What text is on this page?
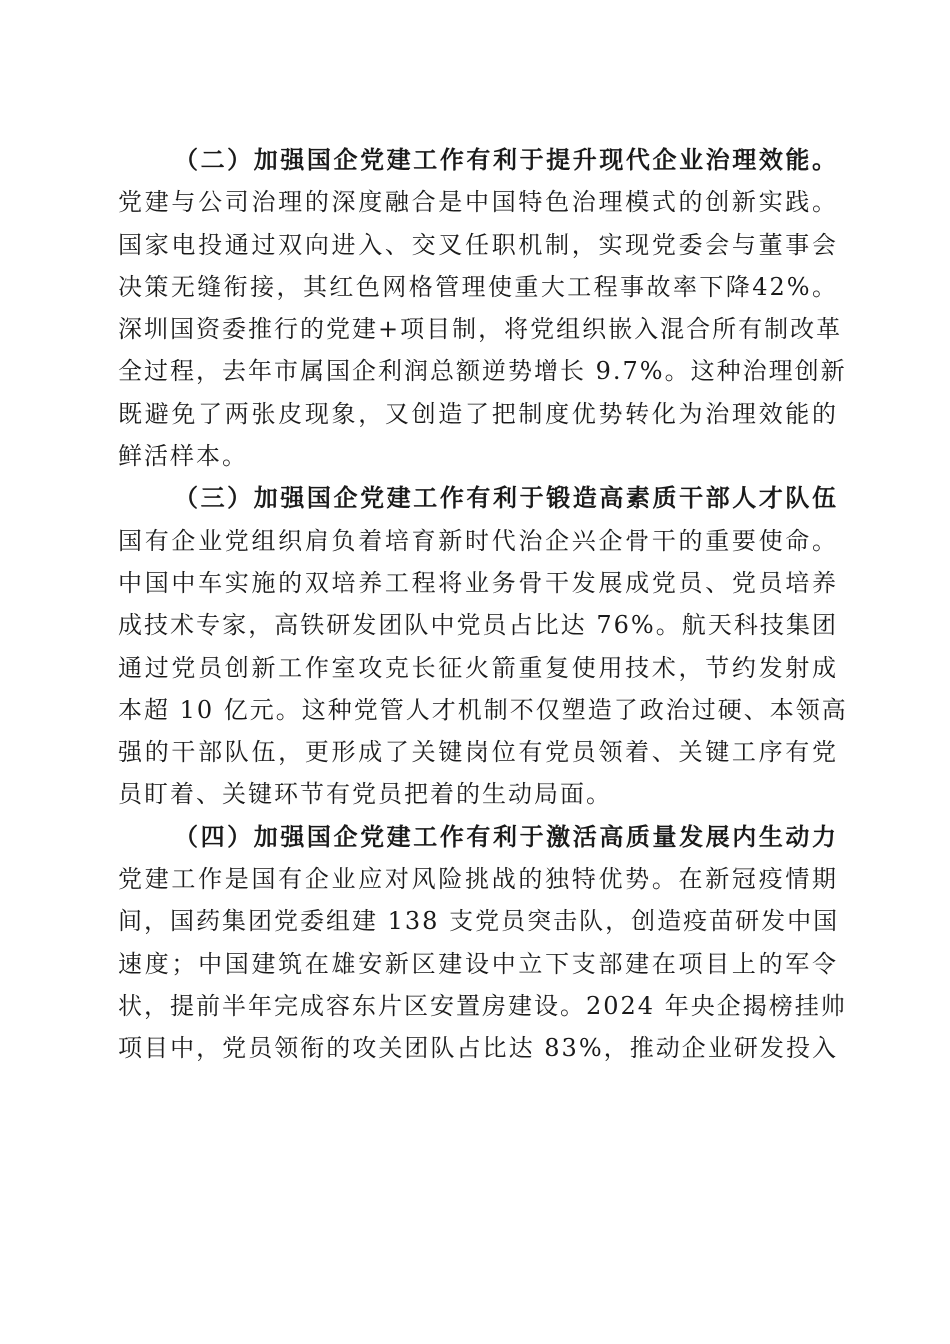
（二）加强国企党建工作有利于提升现代企业治理效能。
党建与公司治理的深度融合是中国特色治理模式的创新实践。
国家电投通过双向进入、交叉任职机制，实现党委会与董事会
决策无缝衔接，其红色网格管理使重大工程事故率下降42%。
深圳国资委推行的党建+项目制，将党组织嵌入混合所有制改革
全过程，去年市属国企利润总额逆势增长 9.7%。这种治理创新
既避免了两张皮现象，又创造了把制度优势转化为治理效能的
鲜活样本。
（三）加强国企党建工作有利于锻造高素质干部人才队伍
国有企业党组织肩负着培育新时代治企兴企骨干的重要使命。
中国中车实施的双培养工程将业务骨干发展成党员、党员培养
成技术专家，高铁研发团队中党员占比达 76%。航天科技集团
通过党员创新工作室攻克长征火箭重复使用技术，节约发射成
本超 10 亿元。这种党管人才机制不仅塑造了政治过硬、本领高
强的干部队伍，更形成了关键岗位有党员领着、关键工序有党
员盯着、关键环节有党员把着的生动局面。
（四）加强国企党建工作有利于激活高质量发展内生动力
党建工作是国有企业应对风险挑战的独特优势。在新冠疫情期
间，国药集团党委组建 138 支党员突击队，创造疫苗研发中国
速度；中国建筑在雄安新区建设中立下支部建在项目上的军令
状，提前半年完成容东片区安置房建设。2024 年央企揭榜挂帅
项目中，党员领衔的攻关团队占比达 83%，推动企业研发投入
